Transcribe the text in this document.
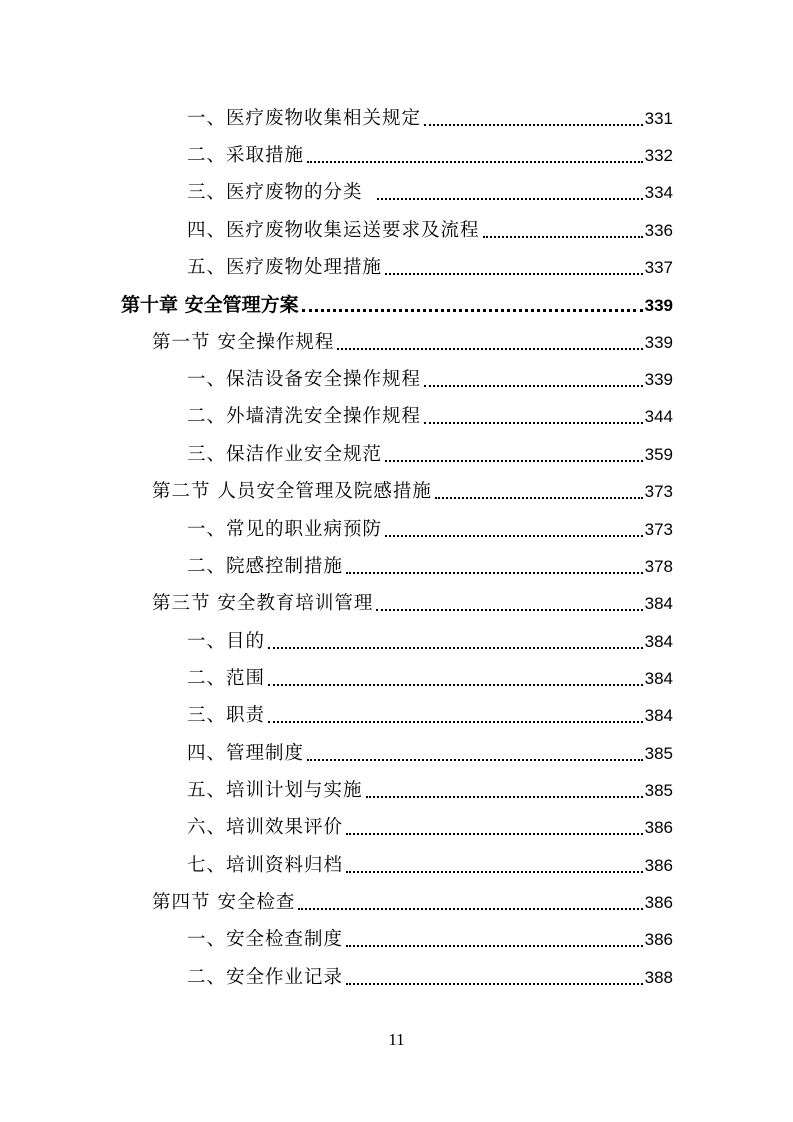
一、医疗废物收集相关规定	331
二、采取措施	332
三、医疗废物的分类	334
四、医疗废物收集运送要求及流程	336
五、医疗废物处理措施	337
第十章 安全管理方案	339
第一节 安全操作规程	339
一、保洁设备安全操作规程	339
二、外墙清洗安全操作规程	344
三、保洁作业安全规范	359
第二节 人员安全管理及院感措施	373
一、常见的职业病预防	373
二、院感控制措施	378
第三节 安全教育培训管理	384
一、目的	384
二、范围	384
三、职责	384
四、管理制度	385
五、培训计划与实施	385
六、培训效果评价	386
七、培训资料归档	386
第四节 安全检查	386
一、安全检查制度	386
二、安全作业记录	388
11
